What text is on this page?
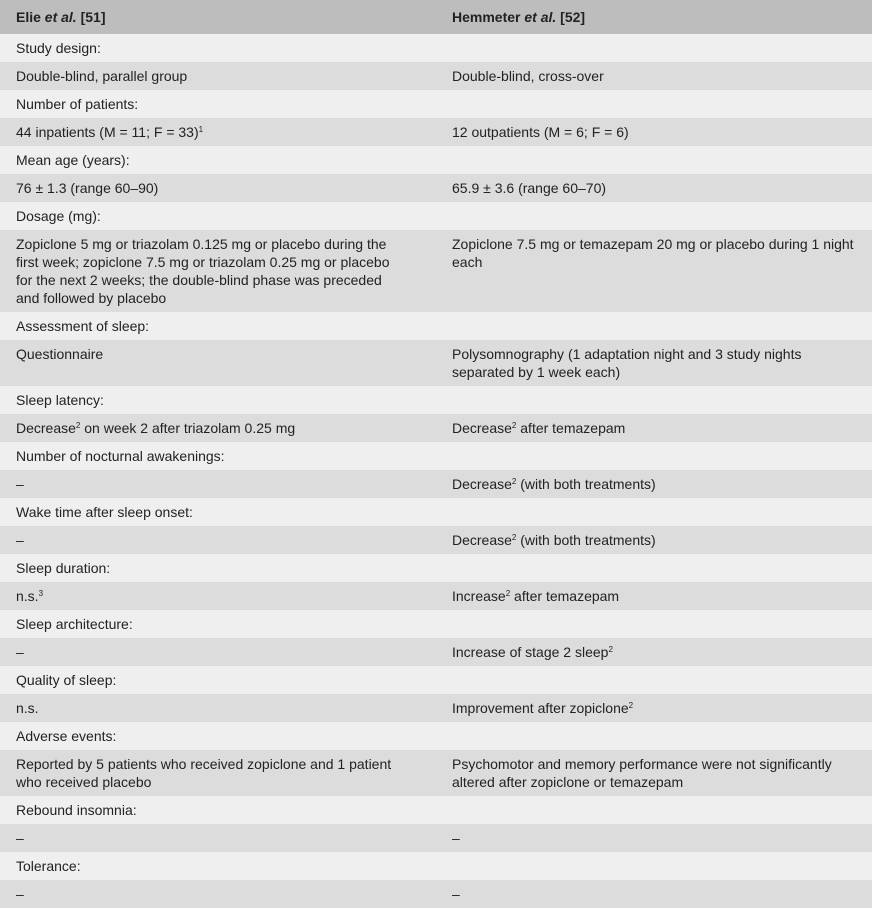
Elie et al. [51]	Hemmeter et al. [52]
Study design:	
Double-blind, parallel group	Double-blind, cross-over
Number of patients:	
44 inpatients (M = 11; F = 33)$^1$	12 outpatients (M = 6; F = 6)
Mean age (years):	
76 ± 1.3 (range 60–90)	65.9 ± 3.6 (range 60–70)
Dosage (mg):	
Zopiclone 5 mg or triazolam 0.125 mg or placebo during the first week; zopiclone 7.5 mg or triazolam 0.25 mg or placebo for the next 2 weeks; the double-blind phase was preceded and followed by placebo	Zopiclone 7.5 mg or temazepam 20 mg or placebo during 1 night each
Assessment of sleep:	
Questionnaire	Polysomnography (1 adaptation night and 3 study nights separated by 1 week each)
Sleep latency:	
Decrease$^2$ on week 2 after triazolam 0.25 mg	Decrease$^2$ after temazepam
Number of nocturnal awakenings:	
–	Decrease$^2$ (with both treatments)
Wake time after sleep onset:	
–	Decrease$^2$ (with both treatments)
Sleep duration:	
n.s.$^3$	Increase$^2$ after temazepam
Sleep architecture:	
–	Increase of stage 2 sleep$^2$
Quality of sleep:	
n.s.	Improvement after zopiclone$^2$
Adverse events:	
Reported by 5 patients who received zopiclone and 1 patient who received placebo	Psychomotor and memory performance were not significantly altered after zopiclone or temazepam
Rebound insomnia:	
–	–
Tolerance:	
–	–
